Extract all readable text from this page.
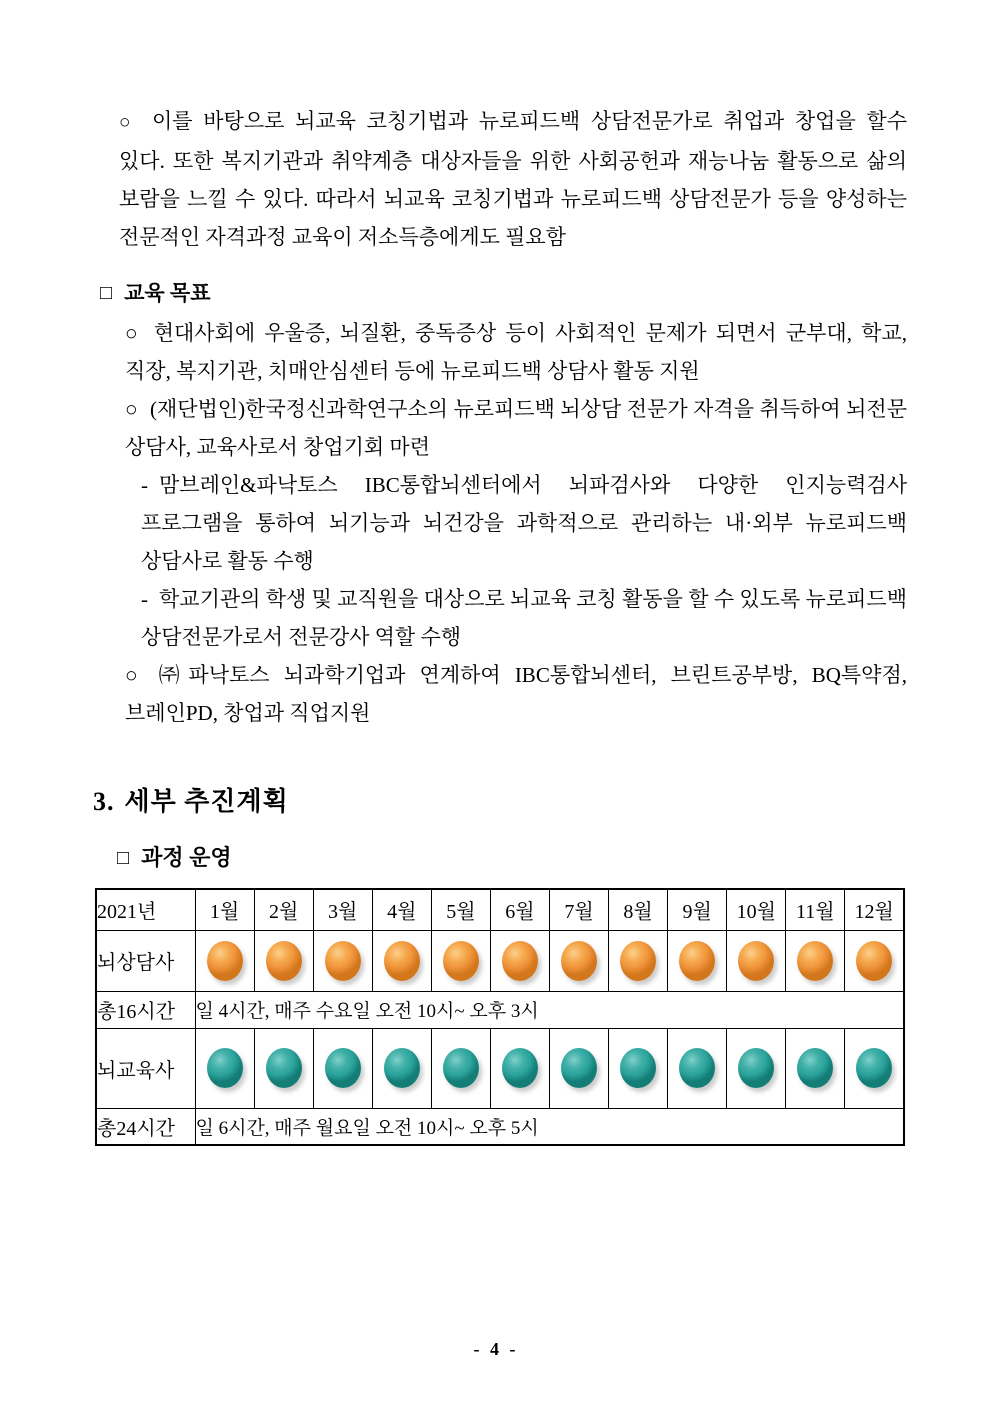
○ 이를 바탕으로 뇌교육 코칭기법과 뉴로피드백 상담전문가로 취업과 창업을 할수 있다. 또한 복지기관과 취약계층 대상자들을 위한 사회공헌과 재능나눔 활동으로 삶의 보람을 느낄 수 있다. 따라서 뇌교육 코칭기법과 뉴로피드백 상담전문가 등을 양성하는 전문적인 자격과정 교육이 저소득층에게도 필요함
□ 교육 목표
○ 현대사회에 우울증, 뇌질환, 중독증상 등이 사회적인 문제가 되면서 군부대, 학교, 직장, 복지기관, 치매안심센터 등에 뉴로피드백 상담사 활동 지원
○ (재단법인)한국정신과학연구소의 뉴로피드백 뇌상담 전문가 자격을 취득하여 뇌전문 상담사, 교육사로서 창업기회 마련
- 맘브레인&파낙토스 IBC통합뇌센터에서 뇌파검사와 다양한 인지능력검사 프로그램을 통하여 뇌기능과 뇌건강을 과학적으로 관리하는 내·외부 뉴로피드백 상담사로 활동 수행
- 학교기관의 학생 및 교직원을 대상으로 뇌교육 코칭 활동을 할 수 있도록 뉴로피드백 상담전문가로서 전문강사 역할 수행
○ ㈜파낙토스 뇌과학기업과 연계하여 IBC통합뇌센터, 브린트공부방, BQ특약점, 브레인PD, 창업과 직업지원
3. 세부 추진계획
□ 과정 운영
2021년	1월	2월	3월	4월	5월	6월	7월	8월	9월	10월	11월	12월
뇌상담사												
총16시간	일 4시간, 매주 수요일 오전 10시~ 오후 3시											
뇌교육사												
총24시간	일 6시간, 매주 월요일 오전 10시~ 오후 5시											
- 4 -
